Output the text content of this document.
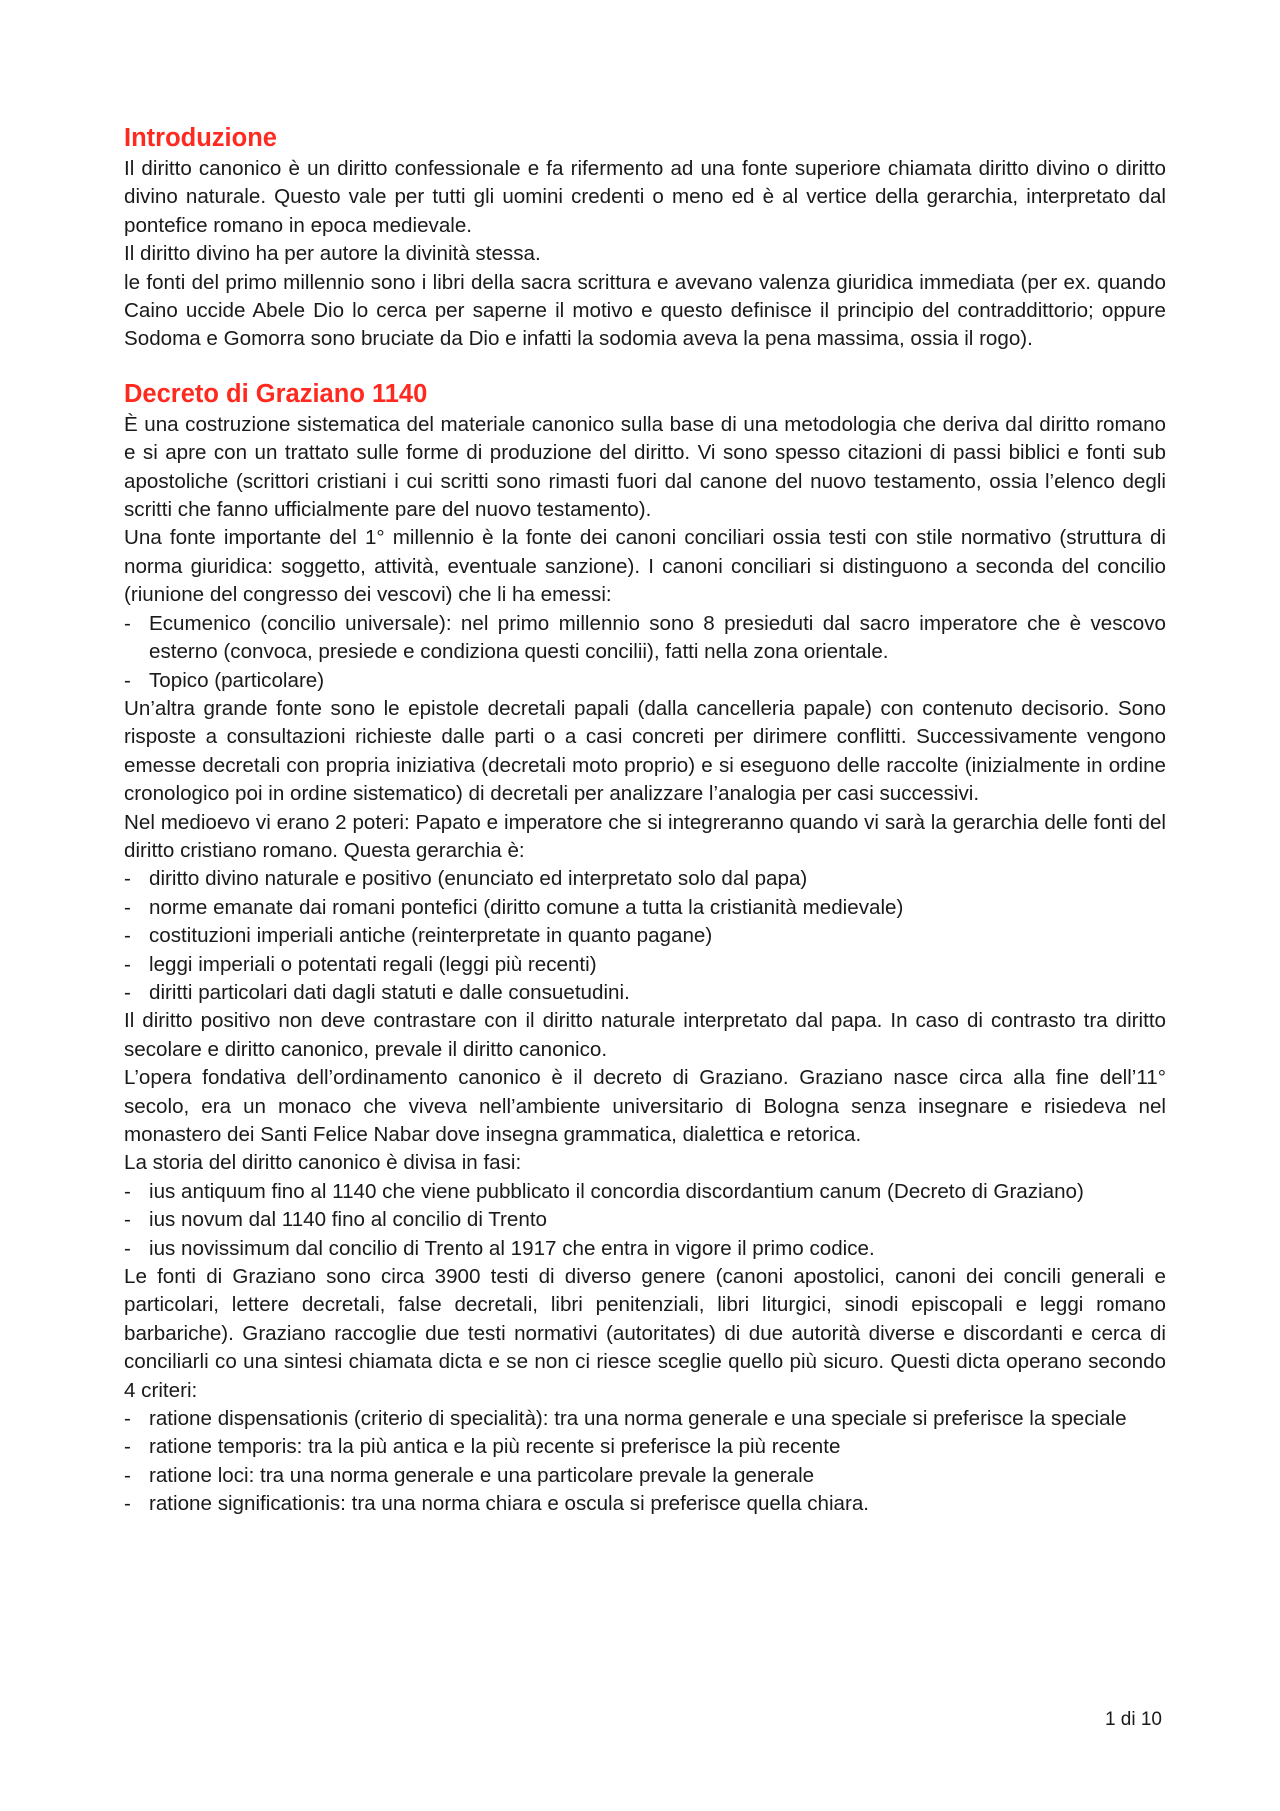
Introduzione

Il diritto canonico è un diritto confessionale e fa rifermento ad una fonte superiore chiamata diritto divino o diritto divino naturale. Questo vale per tutti gli uomini credenti o meno ed è al vertice della gerarchia, interpretato dal pontefice romano in epoca medievale.

Il diritto divino ha per autore la divinità stessa.

le fonti del primo millennio sono i libri della sacra scrittura e avevano valenza giuridica immediata (per ex. quando Caino uccide Abele Dio lo cerca per saperne il motivo e questo definisce il principio del contraddittorio; oppure Sodoma e Gomorra sono bruciate da Dio e infatti la sodomia aveva la pena massima, ossia il rogo).

Decreto di Graziano 1140

È una costruzione sistematica del materiale canonico sulla base di una metodologia che deriva dal diritto romano e si apre con un trattato sulle forme di produzione del diritto. Vi sono spesso citazioni di passi biblici e fonti sub apostoliche (scrittori cristiani i cui scritti sono rimasti fuori dal canone del nuovo testamento, ossia l’elenco degli scritti che fanno ufficialmente pare del nuovo testamento).

Una fonte importante del 1° millennio è la fonte dei canoni conciliari ossia testi con stile normativo (struttura di norma giuridica: soggetto, attività, eventuale sanzione). I canoni conciliari si distinguono a seconda del concilio (riunione del congresso dei vescovi) che li ha emessi:

- Ecumenico (concilio universale): nel primo millennio sono 8 presieduti dal sacro imperatore che è vescovo esterno (convoca, presiede e condiziona questi concilii), fatti nella zona orientale.
- Topico (particolare)

Un’altra grande fonte sono le epistole decretali papali (dalla cancelleria papale) con contenuto decisorio. Sono risposte a consultazioni richieste dalle parti o a casi concreti per dirimere conflitti. Successivamente vengono emesse decretali con propria iniziativa (decretali moto proprio) e si eseguono delle raccolte (inizialmente in ordine cronologico poi in ordine sistematico) di decretali per analizzare l’analogia per casi successivi.

Nel medioevo vi erano 2 poteri: Papato e imperatore che si integreranno quando vi sarà la gerarchia delle fonti del diritto cristiano romano. Questa gerarchia è:

- diritto divino naturale e positivo (enunciato ed interpretato solo dal papa)
- norme emanate dai romani pontefici (diritto comune a tutta la cristianità medievale)
- costituzioni imperiali antiche (reinterpretate in quanto pagane)
- leggi imperiali o potentati regali (leggi più recenti)
- diritti particolari dati dagli statuti e dalle consuetudini.

Il diritto positivo non deve contrastare con il diritto naturale interpretato dal papa. In caso di contrasto tra diritto secolare e diritto canonico, prevale il diritto canonico.

L’opera fondativa dell’ordinamento canonico è il decreto di Graziano. Graziano nasce circa alla fine dell’11° secolo, era un monaco che viveva nell’ambiente universitario di Bologna senza insegnare e risiedeva nel monastero dei Santi Felice Nabar dove insegna grammatica, dialettica e retorica.

La storia del diritto canonico è divisa in fasi:

- ius antiquum fino al 1140 che viene pubblicato il concordia discordantium canum (Decreto di Graziano)
- ius novum dal 1140 fino al concilio di Trento
- ius novissimum dal concilio di Trento al 1917 che entra in vigore il primo codice.

Le fonti di Graziano sono circa 3900 testi di diverso genere (canoni apostolici, canoni dei concili generali e particolari, lettere decretali, false decretali, libri penitenziali, libri liturgici, sinodi episcopali e leggi romano barbariche). Graziano raccoglie due testi normativi (autoritates) di due autorità diverse e discordanti e cerca di conciliarli co una sintesi chiamata dicta e se non ci riesce sceglie quello più sicuro. Questi dicta operano secondo 4 criteri:

- ratione dispensationis (criterio di specialità): tra una norma generale e una speciale si preferisce la speciale
- ratione temporis: tra la più antica e la più recente si preferisce la più recente
- ratione loci: tra una norma generale e una particolare prevale la generale
- ratione significationis: tra una norma chiara e oscula si preferisce quella chiara.
1 di 10
